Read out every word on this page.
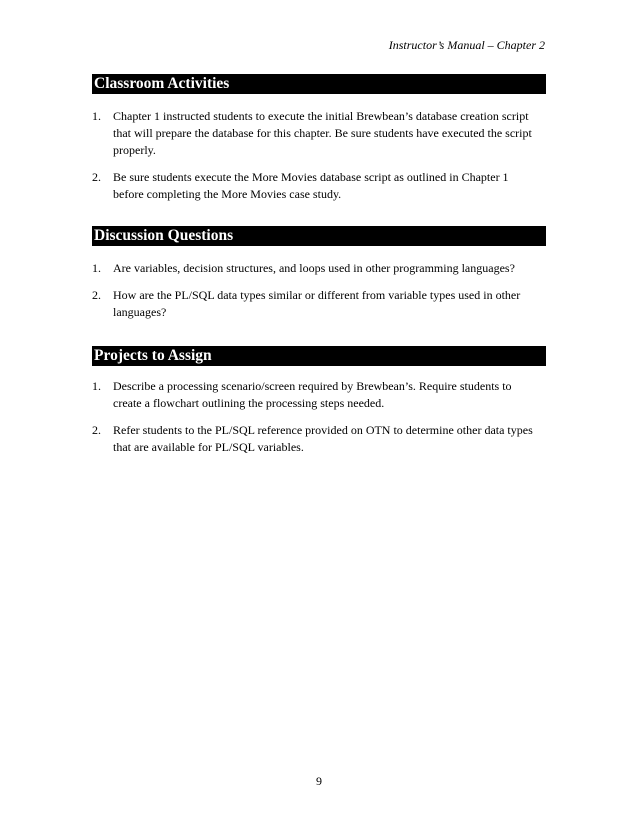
Instructor’s Manual – Chapter 2
Classroom Activities
1.	Chapter 1 instructed students to execute the initial Brewbean’s database creation script that will prepare the database for this chapter. Be sure students have executed the script properly.
2.	Be sure students execute the More Movies database script as outlined in Chapter 1 before completing the More Movies case study.
Discussion Questions
1.	Are variables, decision structures, and loops used in other programming languages?
2.	How are the PL/SQL data types similar or different from variable types used in other languages?
Projects to Assign
1.	Describe a processing scenario/screen required by Brewbean’s. Require students to create a flowchart outlining the processing steps needed.
2.	Refer students to the PL/SQL reference provided on OTN to determine other data types that are available for PL/SQL variables.
9
